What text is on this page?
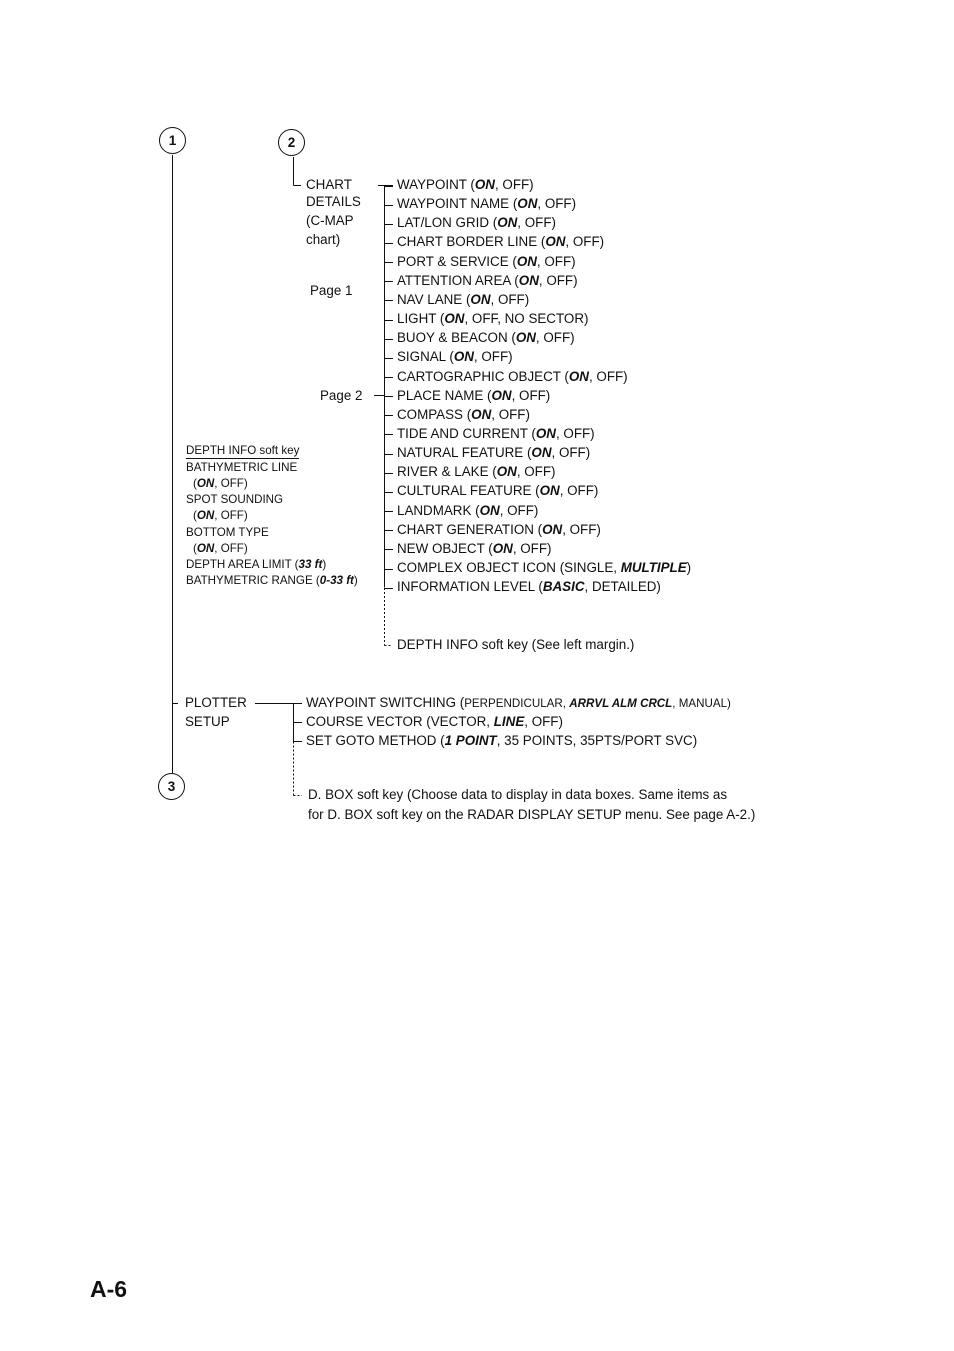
1	2
3
CHART
DETAILS
(C-MAP
chart)
Page 1
Page 2
WAYPOINT (ON, OFF)
WAYPOINT NAME (ON, OFF)
LAT/LON GRID (ON, OFF)
CHART BORDER LINE (ON, OFF)
PORT & SERVICE (ON, OFF)
ATTENTION AREA (ON, OFF)
NAV LANE (ON, OFF)
LIGHT (ON, OFF, NO SECTOR)
BUOY & BEACON (ON, OFF)
SIGNAL (ON, OFF)
CARTOGRAPHIC OBJECT (ON, OFF)
PLACE NAME (ON, OFF)
COMPASS (ON, OFF)
TIDE AND CURRENT (ON, OFF)
NATURAL FEATURE (ON, OFF)
RIVER & LAKE (ON, OFF)
CULTURAL FEATURE (ON, OFF)
LANDMARK (ON, OFF)
CHART GENERATION (ON, OFF)
NEW OBJECT (ON, OFF)
COMPLEX OBJECT ICON (SINGLE, MULTIPLE)
INFORMATION LEVEL (BASIC, DETAILED)
DEPTH INFO soft key (See left margin.)
DEPTH INFO soft key
BATHYMETRIC LINE
(ON, OFF)
SPOT SOUNDING
(ON, OFF)
BOTTOM TYPE
(ON, OFF)
DEPTH AREA LIMIT (33 ft)
BATHYMETRIC RANGE (0-33 ft)
PLOTTER
SETUP
WAYPOINT SWITCHING (PERPENDICULAR, ARRVL ALM CRCL, MANUAL)
COURSE VECTOR (VECTOR, LINE, OFF)
SET GOTO METHOD (1 POINT, 35 POINTS, 35PTS/PORT SVC)
D. BOX soft key (Choose data to display in data boxes. Same items as
for D. BOX soft key on the RADAR DISPLAY SETUP menu. See page A-2.)
A-6
